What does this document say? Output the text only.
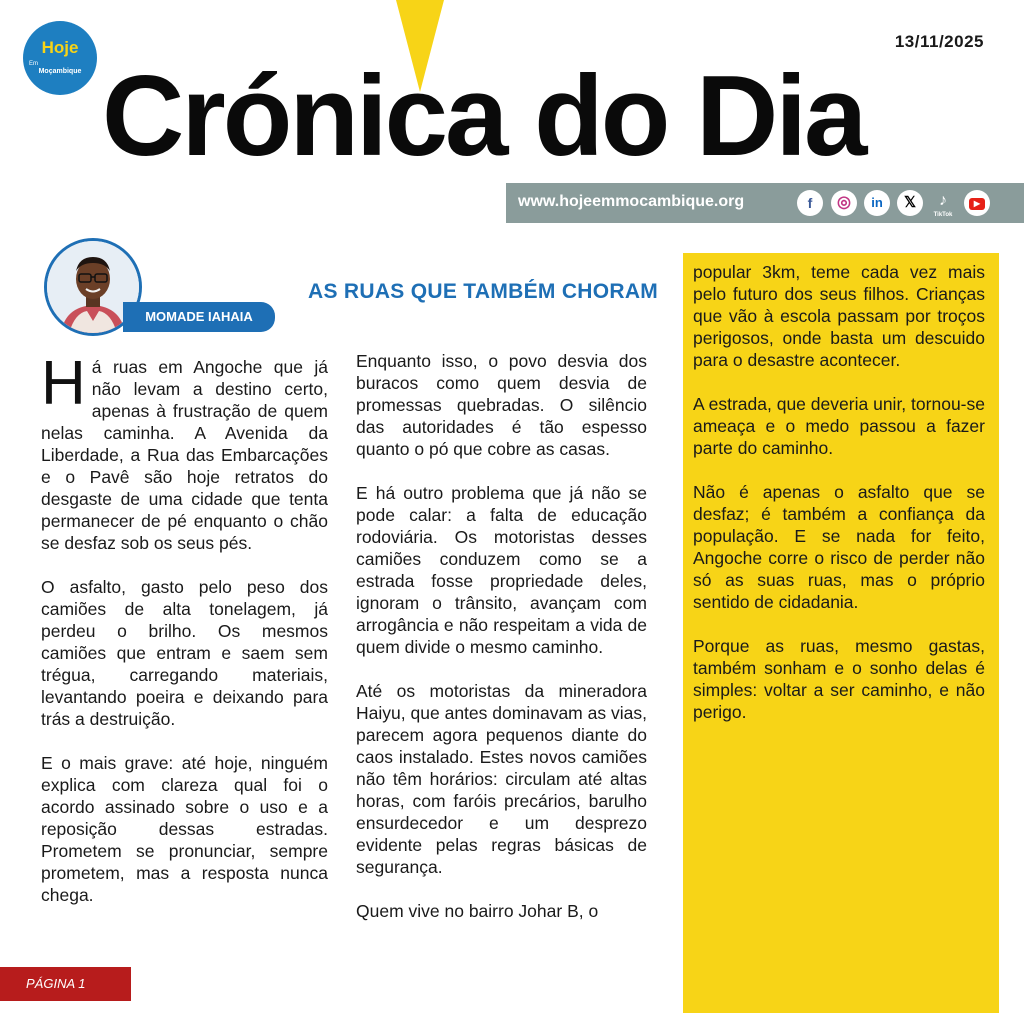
Hoje
Em
Moçambique
13/11/2025
Crónica do Dia
www.hojeemmocambique.org	f	◎	in	𝕏	♪
TikTok
▶
MOMADE IAHAIA
AS RUAS QUE TAMBÉM CHORAM

Há ruas em Angoche que já não levam a destino certo, apenas à frustração de quem nelas caminha. A Avenida da Liberdade, a Rua das Embarcações e o Pavê são hoje retratos do desgaste de uma cidade que tenta permanecer de pé enquanto o chão se desfaz sob os seus pés.

O asfalto, gasto pelo peso dos camiões de alta tonelagem, já perdeu o brilho. Os mesmos camiões que entram e saem sem trégua, carregando materiais, levantando poeira e deixando para trás a destruição.

E o mais grave: até hoje, ninguém explica com clareza qual foi o acordo assinado sobre o uso e a reposição dessas estradas. Prometem se pronunciar, sempre prometem, mas a resposta nunca chega.

Enquanto isso, o povo desvia dos buracos como quem desvia de promessas quebradas. O silêncio das autoridades é tão espesso quanto o pó que cobre as casas.

E há outro problema que já não se pode calar: a falta de educação rodoviária. Os motoristas desses camiões conduzem como se a estrada fosse propriedade deles, ignoram o trânsito, avançam com arrogância e não respeitam a vida de quem divide o mesmo caminho.

Até os motoristas da mineradora Haiyu, que antes dominavam as vias, parecem agora pequenos diante do caos instalado. Estes novos camiões não têm horários: circulam até altas horas, com faróis precários, barulho ensurdecedor e um desprezo evidente pelas regras básicas de segurança.

Quem vive no bairro Johar B, o

popular 3km, teme cada vez mais pelo futuro dos seus filhos. Crianças que vão à escola passam por troços perigosos, onde basta um descuido para o desastre acontecer.

A estrada, que deveria unir, tornou-se ameaça e o medo passou a fazer parte do caminho.

Não é apenas o asfalto que se desfaz; é também a confiança da população. E se nada for feito, Angoche corre o risco de perder não só as suas ruas, mas o próprio sentido de cidadania.

Porque as ruas, mesmo gastas, também sonham e o sonho delas é simples: voltar a ser caminho, e não perigo.

PÁGINA 1
